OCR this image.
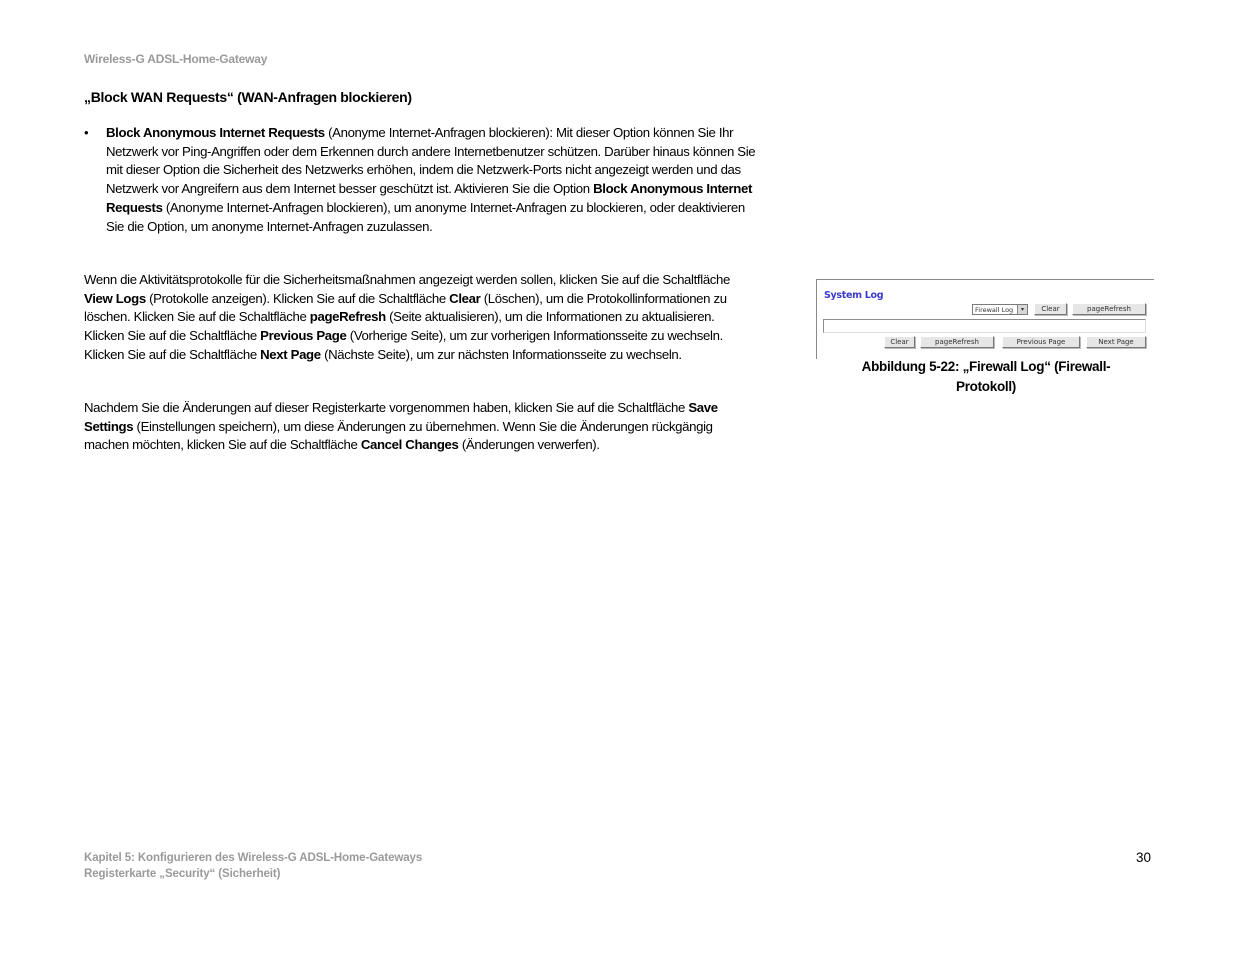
Wireless-G ADSL-Home-Gateway
„Block WAN Requests“ (WAN-Anfragen blockieren)
•	Block Anonymous Internet Requests (Anonyme Internet-Anfragen blockieren): Mit dieser Option können Sie Ihr Netzwerk vor Ping-Angriffen oder dem Erkennen durch andere Internetbenutzer schützen. Darüber hinaus können Sie mit dieser Option die Sicherheit des Netzwerks erhöhen, indem die Netzwerk-Ports nicht angezeigt werden und das Netzwerk vor Angreifern aus dem Internet besser geschützt ist. Aktivieren Sie die Option Block Anonymous Internet Requests (Anonyme Internet-Anfragen blockieren), um anonyme Internet-Anfragen zu blockieren, oder deaktivieren Sie die Option, um anonyme Internet-Anfragen zuzulassen.
Wenn die Aktivitätsprotokolle für die Sicherheitsmaßnahmen angezeigt werden sollen, klicken Sie auf die Schaltfläche View Logs (Protokolle anzeigen). Klicken Sie auf die Schaltfläche Clear (Löschen), um die Protokollinformationen zu löschen. Klicken Sie auf die Schaltfläche pageRefresh (Seite aktualisieren), um die Informationen zu aktualisieren. Klicken Sie auf die Schaltfläche Previous Page (Vorherige Seite), um zur vorherigen Informationsseite zu wechseln. Klicken Sie auf die Schaltfläche Next Page (Nächste Seite), um zur nächsten Informationsseite zu wechseln.
Nachdem Sie die Änderungen auf dieser Registerkarte vorgenommen haben, klicken Sie auf die Schaltfläche Save Settings (Einstellungen speichern), um diese Änderungen zu übernehmen. Wenn Sie die Änderungen rückgängig machen möchten, klicken Sie auf die Schaltfläche Cancel Changes (Änderungen verwerfen).
System Log
Firewall Log	▾	Clear	pageRefresh
Clear	pageRefresh	Previous Page	Next Page
Abbildung 5-22: „Firewall Log“ (Firewall-Protokoll)
Kapitel 5: Konfigurieren des Wireless-G ADSL-Home-Gateways
Registerkarte „Security“ (Sicherheit)
30
